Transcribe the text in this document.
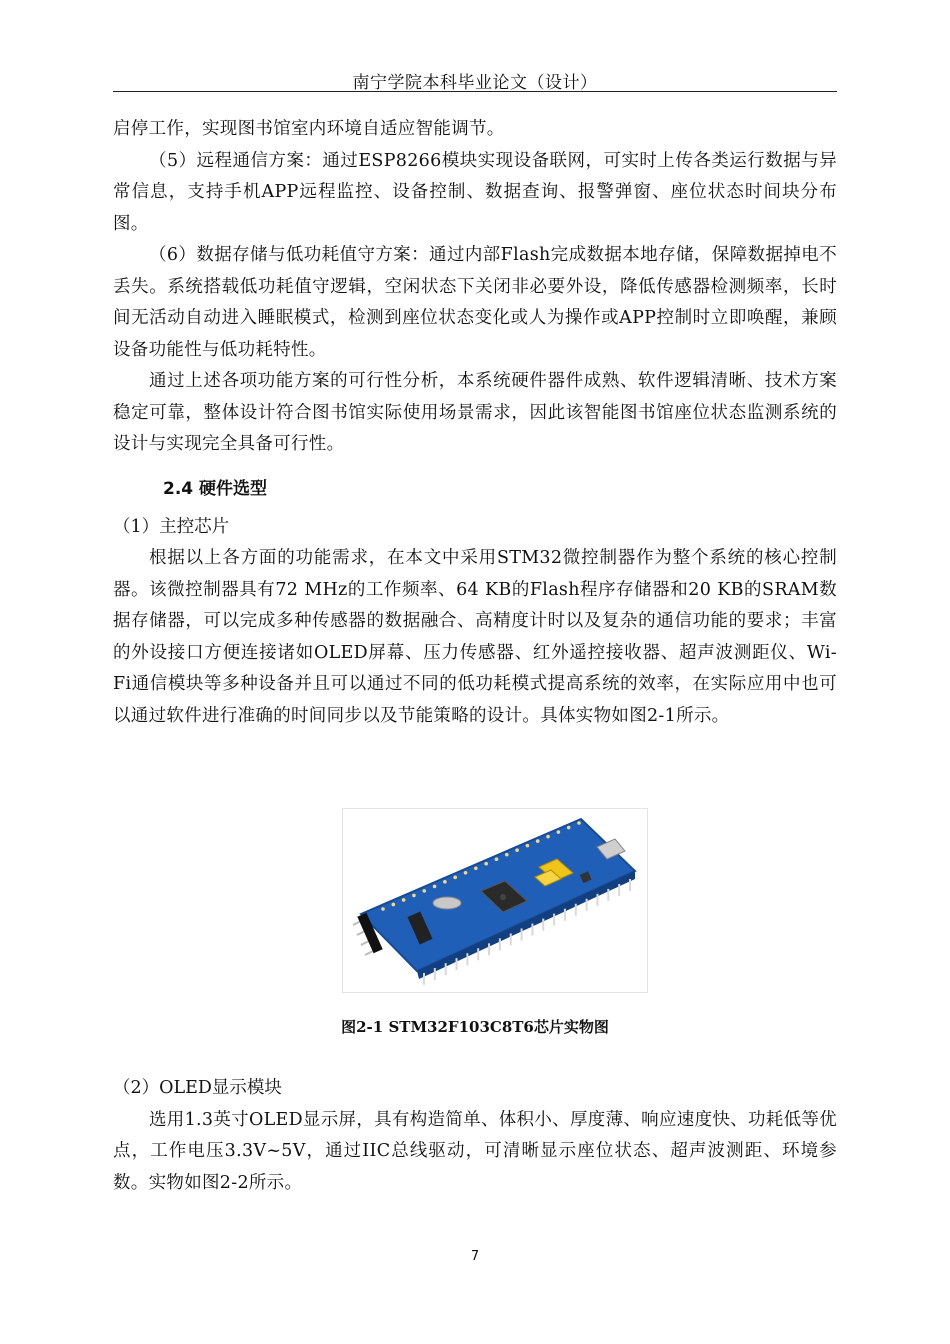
南宁学院本科毕业论文（设计）

启停工作，实现图书馆室内环境自适应智能调节。

（5）远程通信方案：通过ESP8266模块实现设备联网，可实时上传各类运行数据与异常信息，支持手机APP远程监控、设备控制、数据查询、报警弹窗、座位状态时间块分布图。

（6）数据存储与低功耗值守方案：通过内部Flash完成数据本地存储，保障数据掉电不丢失。系统搭载低功耗值守逻辑，空闲状态下关闭非必要外设，降低传感器检测频率，长时间无活动自动进入睡眠模式，检测到座位状态变化或人为操作或APP控制时立即唤醒，兼顾设备功能性与低功耗特性。

通过上述各项功能方案的可行性分析，本系统硬件器件成熟、软件逻辑清晰、技术方案稳定可靠，整体设计符合图书馆实际使用场景需求，因此该智能图书馆座位状态监测系统的设计与实现完全具备可行性。

2.4 硬件选型
（1）主控芯片

根据以上各方面的功能需求，在本文中采用STM32微控制器作为整个系统的核心控制器。该微控制器具有72 MHz的工作频率、64 KB的Flash程序存储器和20 KB的SRAM数据存储器，可以完成多种传感器的数据融合、高精度计时以及复杂的通信功能的要求；丰富的外设接口方便连接诸如OLED屏幕、压力传感器、红外遥控接收器、超声波测距仪、Wi-Fi通信模块等多种设备并且可以通过不同的低功耗模式提高系统的效率，在实际应用中也可以通过软件进行准确的时间同步以及节能策略的设计。具体实物如图2-1所示。

图2-1 STM32F103C8T6芯片实物图
（2）OLED显示模块

选用1.3英寸OLED显示屏，具有构造简单、体积小、厚度薄、响应速度快、功耗低等优点，工作电压3.3V~5V，通过IIC总线驱动，可清晰显示座位状态、超声波测距、环境参数。实物如图2-2所示。

7
